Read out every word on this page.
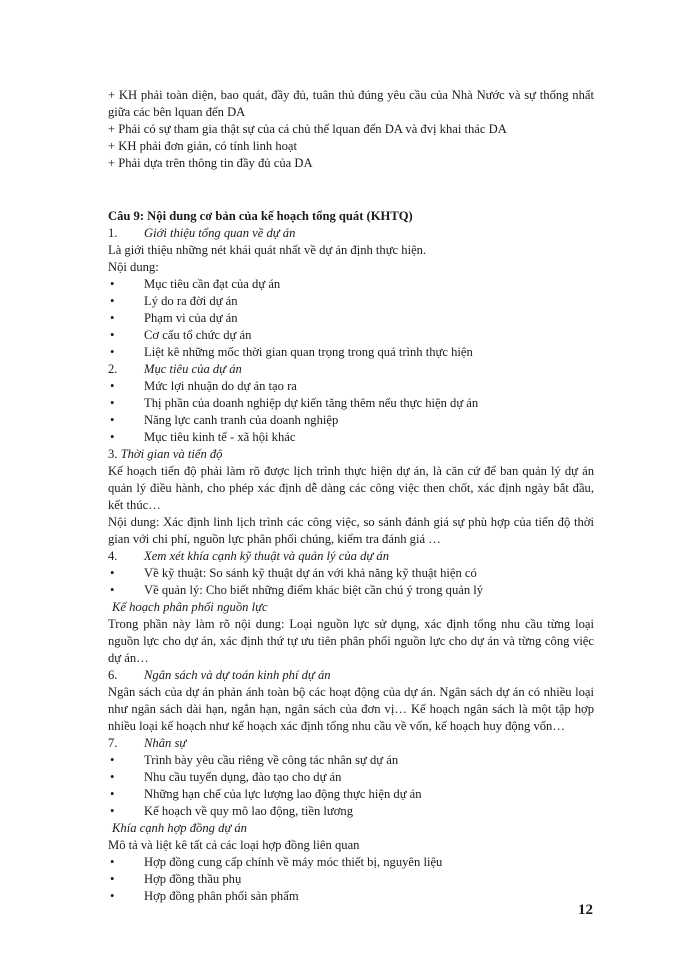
+ KH phải toàn diện, bao quát, đầy đủ, tuân thủ đúng yêu cầu của Nhà Nước và sự thống nhất giữa các bên lquan đến DA

+ Phải có sự tham gia thật sự của cá chủ thể lquan đến DA và đvị khai thác DA

+ KH phải đơn giản, có tính linh hoạt

+ Phải dựa trên thông tin đầy đủ của DA

Câu 9: Nội dung cơ bản của kế hoạch tổng quát (KHTQ)

1. Giới thiệu tổng quan về dự án

Là giới thiệu những nét khái quát nhất về dự án định thực hiện.

Nội dung:

• Mục tiêu cần đạt của dự án
• Lý do ra đời dự án
• Phạm vi của dự án
• Cơ cấu tổ chức dự án
• Liệt kê những mốc thời gian quan trọng trong quá trình thực hiện

2. Mục tiêu của dự án

• Mức lợi nhuận do dự án tạo ra
• Thị phần của doanh nghiệp dự kiến tăng thêm nếu thực hiện dự án
• Năng lực canh tranh của doanh nghiệp
• Mục tiêu kinh tế - xã hội khác

3. Thời gian và tiến độ

Kế hoạch tiến độ phải làm rõ được lịch trình thực hiện dự án, là căn cứ để ban quản lý dự án quản lý điều hành, cho phép xác định dễ dàng các công việc then chốt, xác định ngày bắt đầu, kết thúc…

Nội dung: Xác định linh lịch trình các công việc, so sánh đánh giá sự phù hợp của tiến độ thời gian với chi phí, nguồn lực phân phối chúng, kiểm tra đánh giá …

4. Xem xét khía cạnh kỹ thuật và quản lý của dự án

• Về kỹ thuật: So sánh kỹ thuật dự án với khả năng kỹ thuật hiện có
• Về quản lý: Cho biết những điểm khác biệt cần chú ý trong quản lý

Kế hoạch phân phối nguồn lực

Trong phần này làm rõ nội dung: Loại nguồn lực sử dụng, xác định tổng nhu cầu từng loại nguồn lực cho dự án, xác định thứ tự ưu tiên phân phối nguồn lực cho dự án và từng công việc dự án…

6. Ngân sách và dự toán kinh phí dự án

Ngân sách của dự án phản ánh toàn bộ các hoạt động của dự án. Ngân sách dự án có nhiều loại như ngân sách dài hạn, ngắn hạn, ngân sách của đơn vị… Kế hoạch ngân sách là một tập hợp nhiều loại kế hoạch như kế hoạch xác định tổng nhu cầu về vốn, kế hoạch huy động vốn…

7. Nhân sự

• Trình bày yêu cầu riêng về công tác nhân sự dự án
• Nhu cầu tuyển dụng, đào tạo cho dự án
• Những hạn chế của lực lượng lao động thực hiện dự án
• Kế hoạch về quy mô lao động, tiền lương

Khía cạnh hợp đồng dự án

Mô tả và liệt kê tất cả các loại hợp đồng liên quan

• Hợp đồng cung cấp chính về máy móc thiết bị, nguyên liệu
• Hợp đồng thầu phụ
• Hợp đồng phân phối sản phẩm
12
